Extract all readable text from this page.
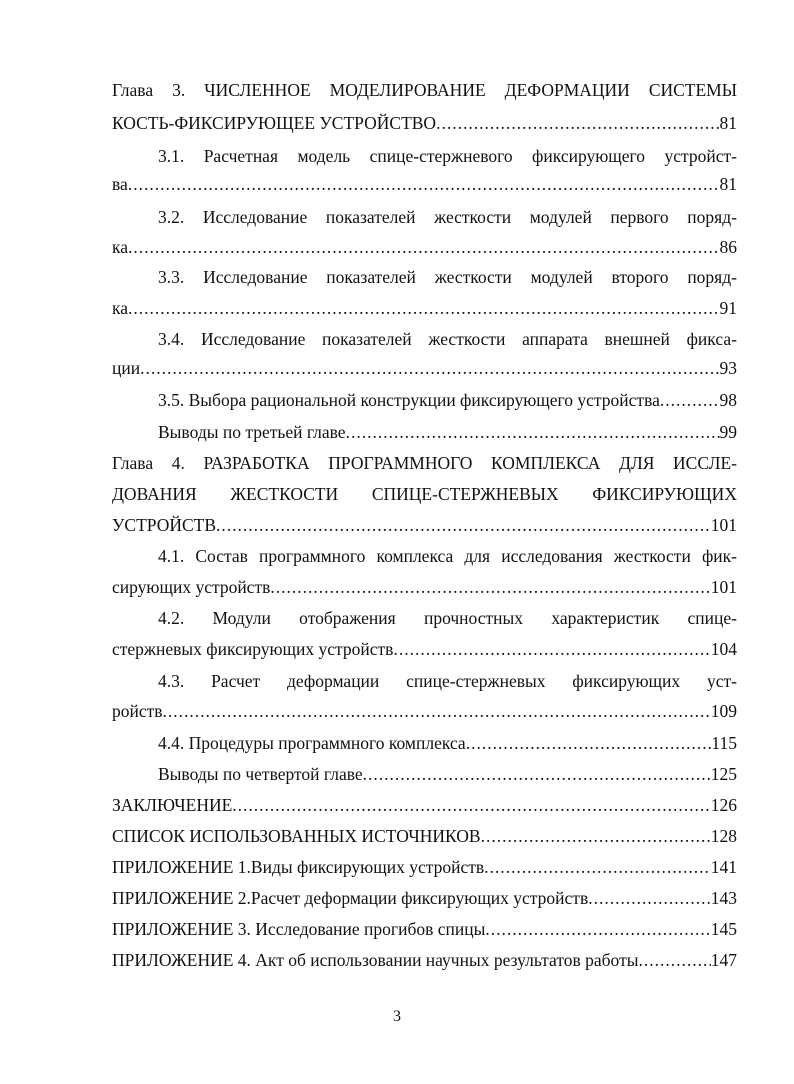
Глава 3. ЧИСЛЕННОЕ МОДЕЛИРОВАНИЕ ДЕФОРМАЦИИ СИСТЕМЫ
КОСТЬ-ФИКСИРУЮЩЕЕ УСТРОЙСТВО .....	81
3.1. Расчетная модель спице-стержневого фиксирующего устройст-
ва .....	81
3.2. Исследование показателей жесткости модулей первого поряд-
ка .....	86
3.3. Исследование показателей жесткости модулей второго поряд-
ка .....	91
3.4. Исследование показателей жесткости аппарата внешней фикса-
ции .....	93
3.5. Выбора рациональной конструкции фиксирующего устройства .....	98
Выводы по третьей главе .....	99
Глава 4. РАЗРАБОТКА ПРОГРАММНОГО КОМПЛЕКСА ДЛЯ ИССЛЕ-
ДОВАНИЯ ЖЕСТКОСТИ СПИЦЕ-СТЕРЖНЕВЫХ ФИКСИРУЮЩИХ
УСТРОЙСТВ .....	101
4.1. Состав программного комплекса для исследования жесткости фик-
сирующих устройств .....	101
4.2. Модули отображения прочностных характеристик спице-
стержневых фиксирующих устройств .....	104
4.3. Расчет деформации спице-стержневых фиксирующих уст-
ройств .....	109
4.4. Процедуры программного комплекса .....	115
Выводы по четвертой главе .....	125
ЗАКЛЮЧЕНИЕ .....	126
СПИСОК ИСПОЛЬЗОВАННЫХ ИСТОЧНИКОВ .....	128
ПРИЛОЖЕНИЕ 1.Виды фиксирующих устройств .....	141
ПРИЛОЖЕНИЕ 2.Расчет деформации фиксирующих устройств .....	143
ПРИЛОЖЕНИЕ 3. Исследование прогибов спицы .....	145
ПРИЛОЖЕНИЕ 4. Акт об использовании научных результатов работы .....	147
3
